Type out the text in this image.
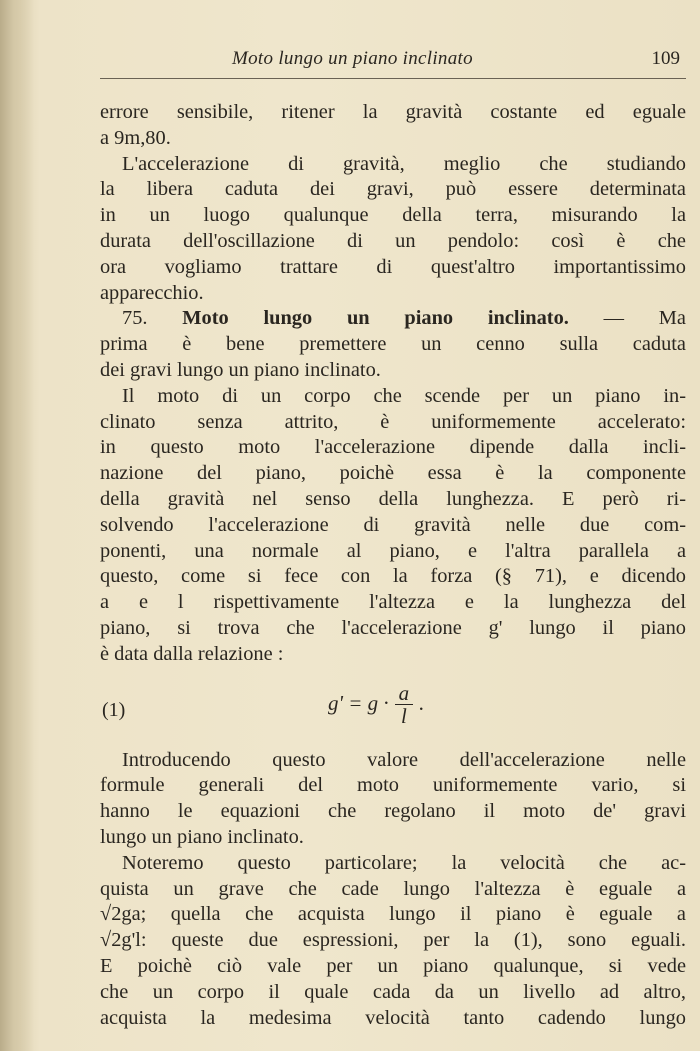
Moto lungo un piano inclinato	109
errore sensibile, ritener la gravità costante ed eguale
a 9m,80.
L'accelerazione di gravità, meglio che studiando
la libera caduta dei gravi, può essere determinata
in un luogo qualunque della terra, misurando la
durata dell'oscillazione di un pendolo: così è che
ora vogliamo trattare di quest'altro importantissimo
apparecchio.
75. Moto lungo un piano inclinato. — Ma
prima è bene premettere un cenno sulla caduta
dei gravi lungo un piano inclinato.
Il moto di un corpo che scende per un piano in-
clinato senza attrito, è uniformemente accelerato:
in questo moto l'accelerazione dipende dalla incli-
nazione del piano, poichè essa è la componente
della gravità nel senso della lunghezza. E però ri-
solvendo l'accelerazione di gravità nelle due com-
ponenti, una normale al piano, e l'altra parallela a
questo, come si fece con la forza (§ 71), e dicendo
a e l rispettivamente l'altezza e la lunghezza del
piano, si trova che l'accelerazione g' lungo il piano
è data dalla relazione :
(1)	$g' = g \cdot \frac{a}{l}$ .
Introducendo questo valore dell'accelerazione nelle
formule generali del moto uniformemente vario, si
hanno le equazioni che regolano il moto de' gravi
lungo un piano inclinato.
Noteremo questo particolare; la velocità che ac-
quista un grave che cade lungo l'altezza è eguale a
√2ga; quella che acquista lungo il piano è eguale a
√2g'l: queste due espressioni, per la (1), sono eguali.
E poichè ciò vale per un piano qualunque, si vede
che un corpo il quale cada da un livello ad altro,
acquista la medesima velocità tanto cadendo lungo
